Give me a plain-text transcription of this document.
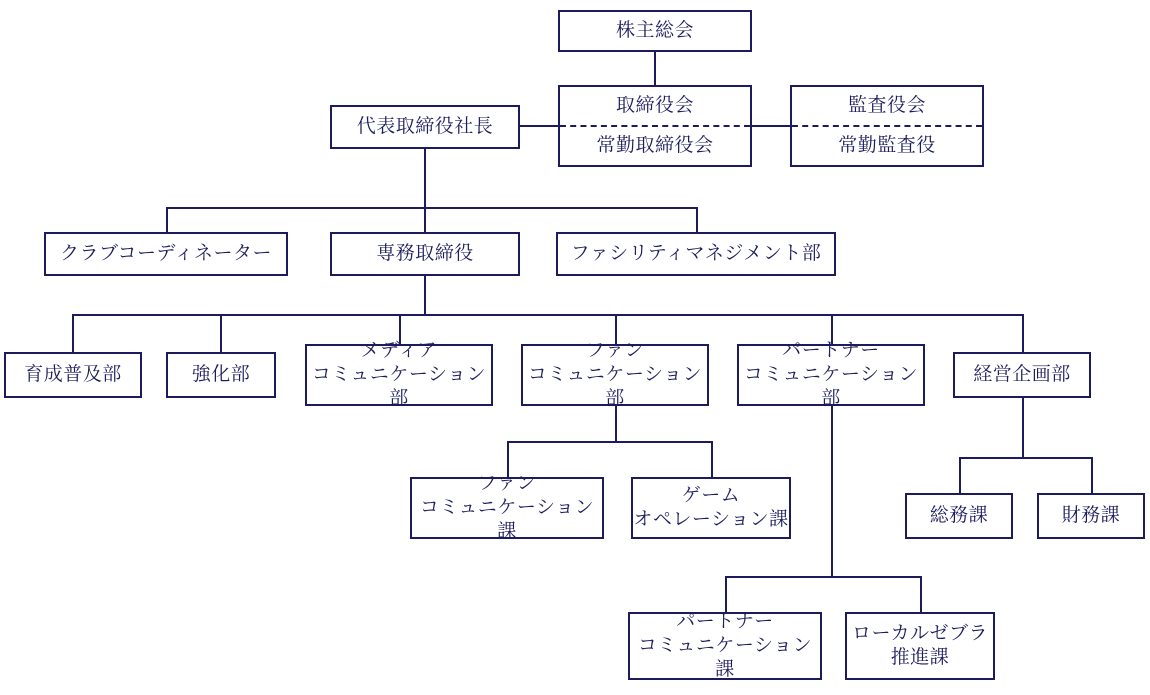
株主総会
取締役会
常勤取締役会
監査役会
常勤監査役
代表取締役社長
クラブコーディネーター	専務取締役	ファシリティマネジメント部
育成普及部	強化部
メディア
コミュニケーション部
ファン
コミュニケーション部
パートナー
コミュニケーション部
経営企画部
ファン
コミュニケーション課
ゲーム
オペレーション課	総務課	財務課
パートナー
コミュニケーション課
ローカルゼブラ
推進課
